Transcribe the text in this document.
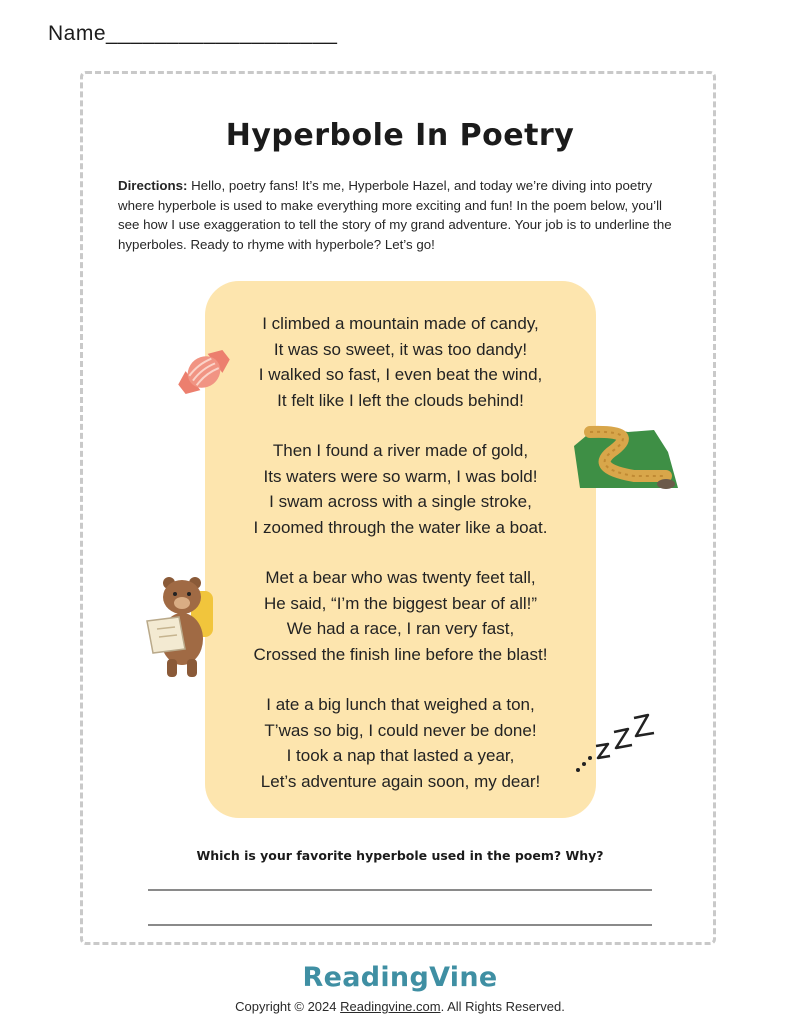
Name___________________
Hyperbole In Poetry
Directions: Hello, poetry fans! It’s me, Hyperbole Hazel, and today we’re diving into poetry where hyperbole is used to make everything more exciting and fun! In the poem below, you’ll see how I use exaggeration to tell the story of my grand adventure. Your job is to underline the hyperboles. Ready to rhyme with hyperbole? Let’s go!
I climbed a mountain made of candy,
It was so sweet, it was too dandy!
I walked so fast, I even beat the wind,
It felt like I left the clouds behind!
Then I found a river made of gold,
Its waters were so warm, I was bold!
I swam across with a single stroke,
I zoomed through the water like a boat.
Met a bear who was twenty feet tall,
He said, “I’m the biggest bear of all!”
We had a race, I ran very fast,
Crossed the finish line before the blast!
I ate a big lunch that weighed a ton,
T’was so big, I could never be done!
I took a nap that lasted a year,
Let’s adventure again soon, my dear!
Which is your favorite hyperbole used in the poem? Why?
ReadingVine
Copyright © 2024 Readingvine.com. All Rights Reserved.
